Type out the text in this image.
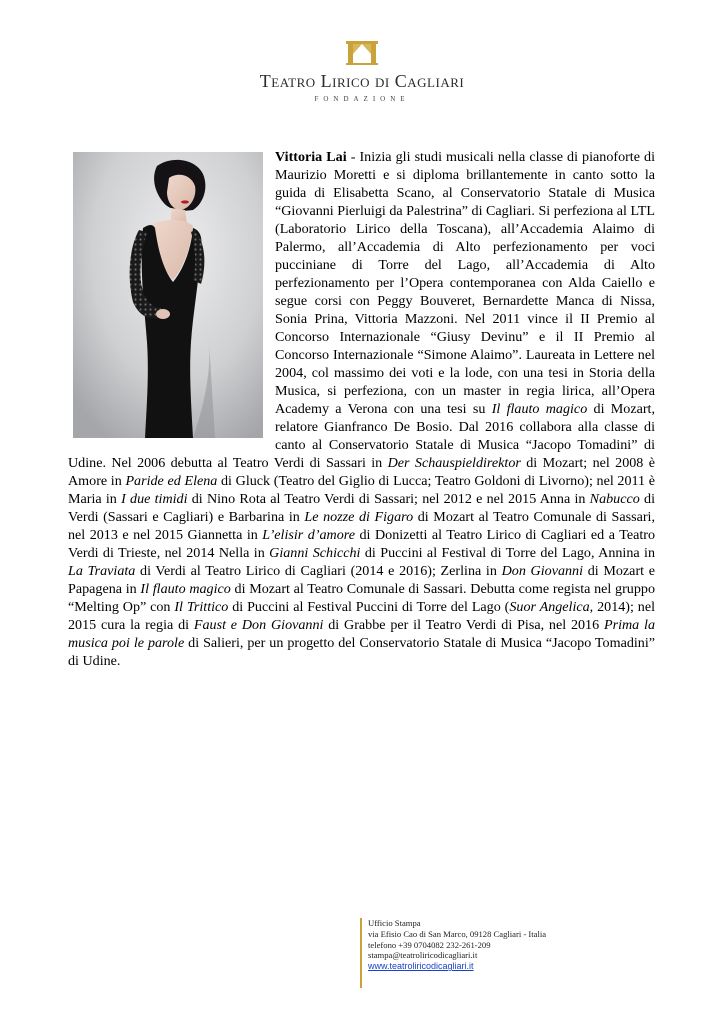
Teatro Lirico di Cagliari
FONDAZIONE
Vittoria Lai - Inizia gli studi musicali nella classe di pianoforte di Maurizio Moretti e si diploma brillantemente in canto sotto la guida di Elisabetta Scano, al Conservatorio Statale di Musica “Giovanni Pierluigi da Palestrina” di Cagliari. Si perfeziona al LTL (Laboratorio Lirico della Toscana), all’Accademia Alaimo di Palermo, all’Accademia di Alto perfezionamento per voci pucciniane di Torre del Lago, all’Accademia di Alto perfezionamento per l’Opera contemporanea con Alda Caiello e segue corsi con Peggy Bouveret, Bernardette Manca di Nissa, Sonia Prina, Vittoria Mazzoni. Nel 2011 vince il II Premio al Concorso Internazionale “Giusy Devinu” e il II Premio al Concorso Internazionale “Simone Alaimo”. Laureata in Lettere nel 2004, col massimo dei voti e la lode, con una tesi in Storia della Musica, si perfeziona, con un master in regia lirica, all’Opera Academy a Verona con una tesi su Il flauto magico di Mozart, relatore Gianfranco De Bosio. Dal 2016 collabora alla classe di canto al Conservatorio Statale di Musica “Jacopo Tomadini” di Udine. Nel 2006 debutta al Teatro Verdi di Sassari in Der Schauspieldirektor di Mozart; nel 2008 è Amore in Paride ed Elena di Gluck (Teatro del Giglio di Lucca; Teatro Goldoni di Livorno); nel 2011 è Maria in I due timidi di Nino Rota al Teatro Verdi di Sassari; nel 2012 e nel 2015 Anna in Nabucco di Verdi (Sassari e Cagliari) e Barbarina in Le nozze di Figaro di Mozart al Teatro Comunale di Sassari, nel 2013 e nel 2015 Giannetta in L’elisir d’amore di Donizetti al Teatro Lirico di Cagliari ed a Teatro Verdi di Trieste, nel 2014 Nella in Gianni Schicchi di Puccini al Festival di Torre del Lago, Annina in La Traviata di Verdi al Teatro Lirico di Cagliari (2014 e 2016); Zerlina in Don Giovanni di Mozart e Papagena in Il flauto magico di Mozart al Teatro Comunale di Sassari. Debutta come regista nel gruppo “Melting Op” con Il Trittico di Puccini al Festival Puccini di Torre del Lago (Suor Angelica, 2014); nel 2015 cura la regia di Faust e Don Giovanni di Grabbe per il Teatro Verdi di Pisa, nel 2016 Prima la musica poi le parole di Salieri, per un progetto del Conservatorio Statale di Musica “Jacopo Tomadini” di Udine.
Ufficio Stampa
via Efisio Cao di San Marco, 09128 Cagliari - Italia
telefono +39 0704082 232-261-209
stampa@teatroliricodicagliari.it
www.teatroliricodicagliari.it
